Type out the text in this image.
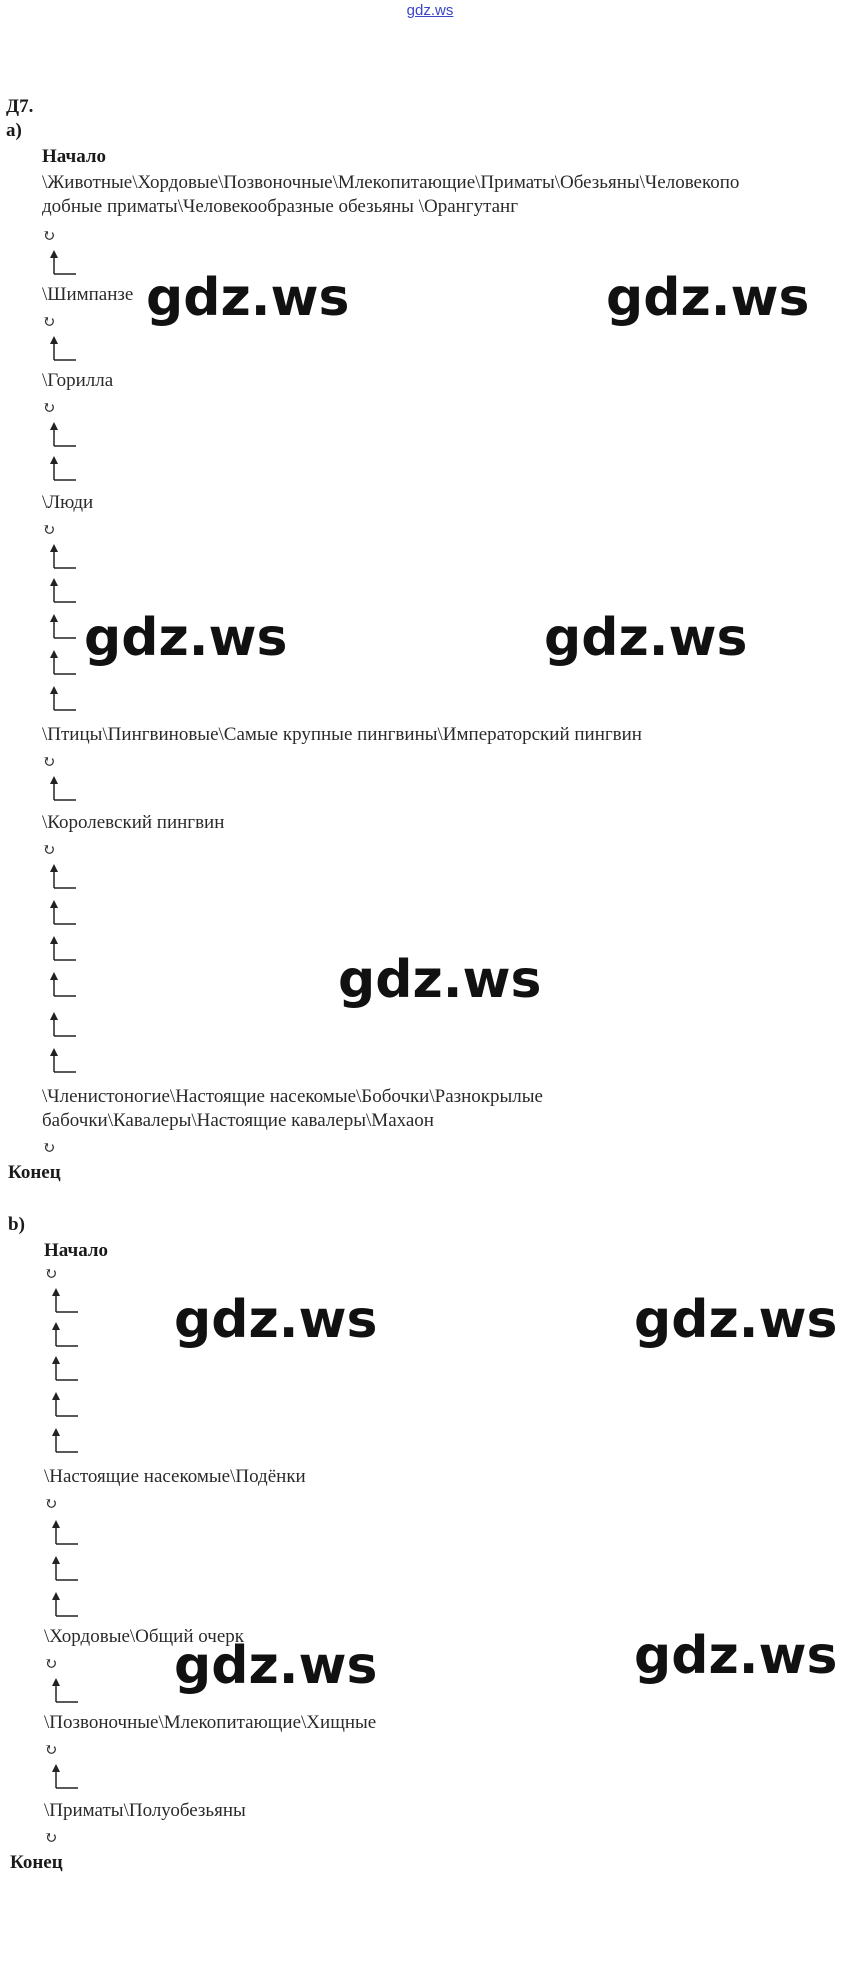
gdz.ws
Д7.
а)
Начало
\Животные\Хордовые\Позвоночные\Млекопитающие\Приматы\Обезьяны\Человекопо
добные приматы\Человекообразные обезьяны \Орангутанг
↻
\Шимпанзе
↻
\Горилла
↻
\Люди
↻
\Птицы\Пингвиновые\Самые крупные пингвины\Императорский пингвин
↻
\Королевский пингвин
↻
\Членистоногие\Настоящие насекомые\Бобочки\Разнокрылые
бабочки\Кавалеры\Настоящие кавалеры\Махаон
↻
Конец
b)
Начало
↻
\Настоящие насекомые\Подёнки
↻
\Хордовые\Общий очерк
↻
\Позвоночные\Млекопитающие\Хищные
↻
\Приматы\Полуобезьяны
↻
Конец
gdz.ws	gdz.ws
gdz.ws	gdz.ws
gdz.ws
gdz.ws	gdz.ws
gdz.ws	gdz.ws
